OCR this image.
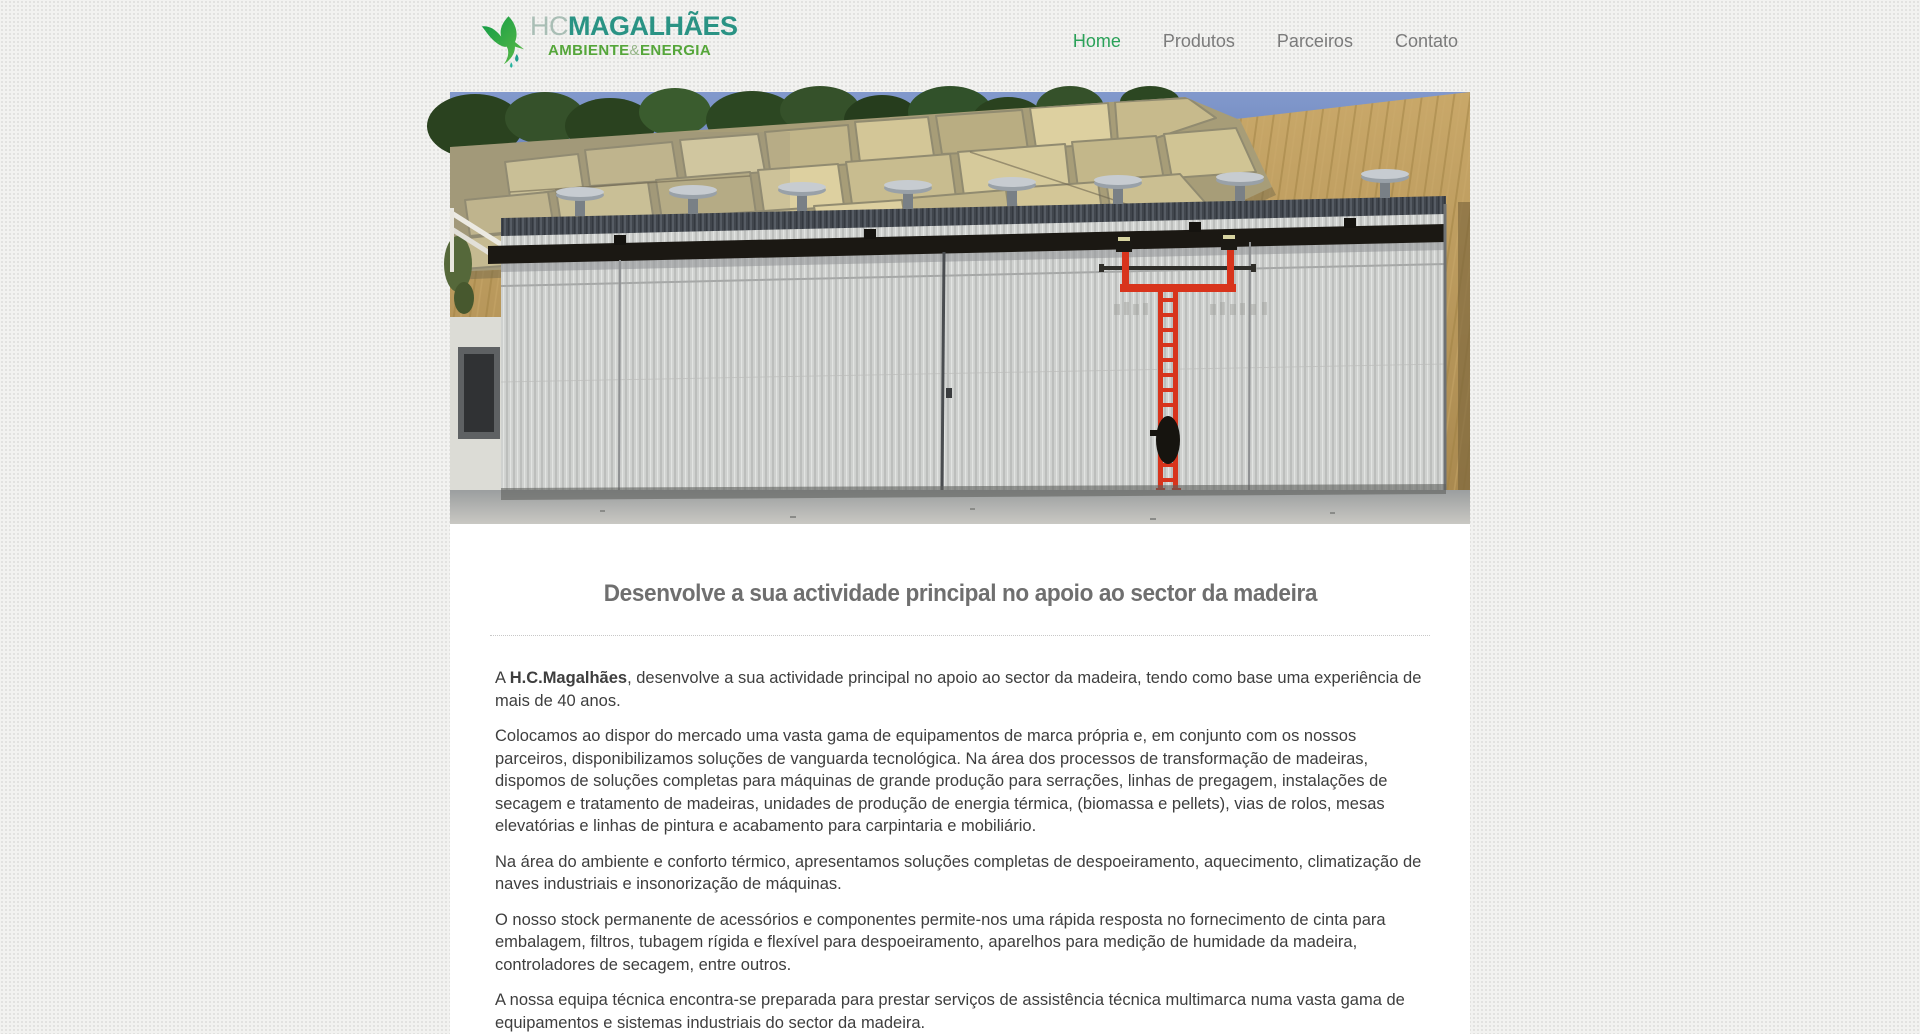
HCMAGALHÃES
AMBIENTE&ENERGIA	Home Produtos Parceiros Contato
Desenvolve a sua actividade principal no apoio ao sector da madeira

A H.C.Magalhães, desenvolve a sua actividade principal no apoio ao sector da madeira, tendo como base uma experiência de mais de 40 anos.

Colocamos ao dispor do mercado uma vasta gama de equipamentos de marca própria e, em conjunto com os nossos parceiros, disponibilizamos soluções de vanguarda tecnológica. Na área dos processos de transformação de madeiras, dispomos de soluções completas para máquinas de grande produção para serrações, linhas de pregagem, instalações de secagem e tratamento de madeiras, unidades de produção de energia térmica, (biomassa e pellets), vias de rolos, mesas elevatórias e linhas de pintura e acabamento para carpintaria e mobiliário.

Na área do ambiente e conforto térmico, apresentamos soluções completas de despoeiramento, aquecimento, climatização de naves industriais e insonorização de máquinas.

O nosso stock permanente de acessórios e componentes permite-nos uma rápida resposta no fornecimento de cinta para embalagem, filtros, tubagem rígida e flexível para despoeiramento, aparelhos para medição de humidade da madeira, controladores de secagem, entre outros.

A nossa equipa técnica encontra-se preparada para prestar serviços de assistência técnica multimarca numa vasta gama de equipamentos e sistemas industriais do sector da madeira.
